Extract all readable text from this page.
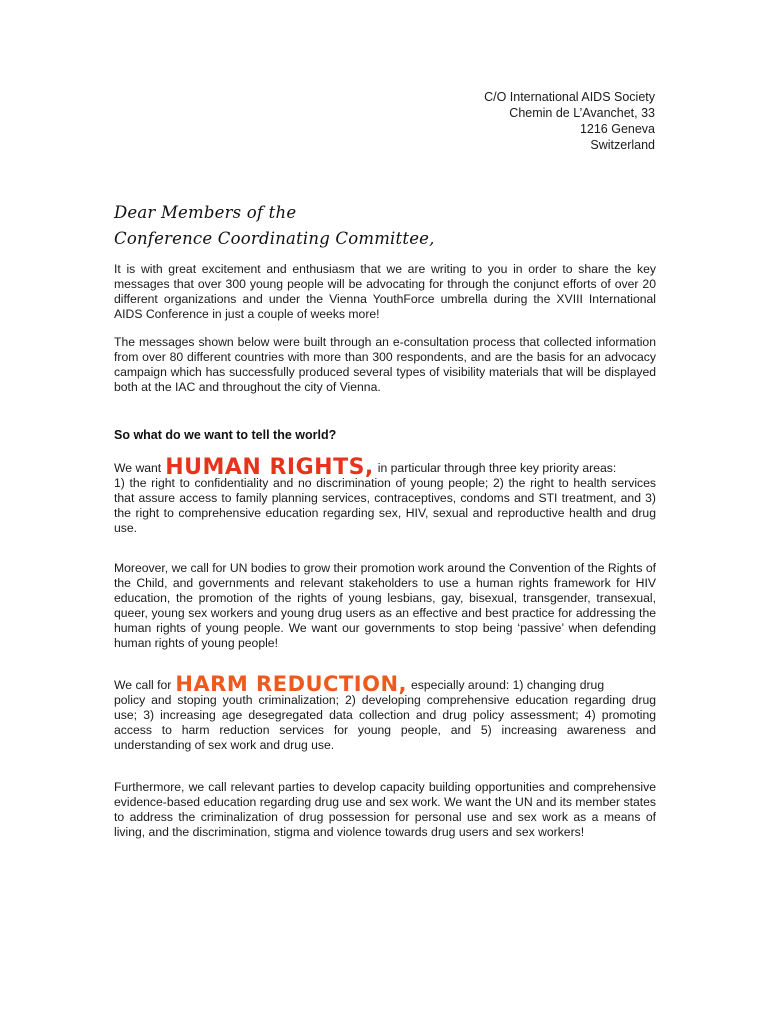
C/O International AIDS Society
Chemin de L’Avanchet, 33
1216 Geneva
Switzerland
Dear Members of the
Conference Coordinating Committee,
It is with great excitement and enthusiasm that we are writing to you in order to share the key messages that over 300 young people will be advocating for through the conjunct efforts of over 20 different organizations and under the Vienna YouthForce umbrella during the XVIII International AIDS Conference in just a couple of weeks more!
The messages shown below were built through an e-consultation process that collected information from over 80 different countries with more than 300 respondents, and are the basis for an advocacy campaign which has successfully produced several types of visibility materials that will be displayed both at the IAC and throughout the city of Vienna.
So what do we want to tell the world?
We want HUMAN RIGHTS, in particular through three key priority areas:
1) the right to confidentiality and no discrimination of young people; 2) the right to health services that assure access to family planning services, contraceptives, condoms and STI treatment, and 3) the right to comprehensive education regarding sex, HIV, sexual and reproductive health and drug use.
Moreover, we call for UN bodies to grow their promotion work around the Convention of the Rights of the Child, and governments and relevant stakeholders to use a human rights framework for HIV education, the promotion of the rights of young lesbians, gay, bisexual, transgender, transexual, queer, young sex workers and young drug users as an effective and best practice for addressing the human rights of young people. We want our governments to stop being ‘passive’ when defending human rights of young people!
We call for HARM REDUCTION, especially around: 1) changing drug
policy and stoping youth criminalization; 2) developing comprehensive education regarding drug use; 3) increasing age desegregated data collection and drug policy assessment; 4) promoting access to harm reduction services for young people, and 5) increasing awareness and understanding of sex work and drug use.
Furthermore, we call relevant parties to develop capacity building opportunities and comprehensive evidence-based education regarding drug use and sex work. We want the UN and its member states to address the criminalization of drug possession for personal use and sex work as a means of living, and the discrimination, stigma and violence towards drug users and sex workers!
